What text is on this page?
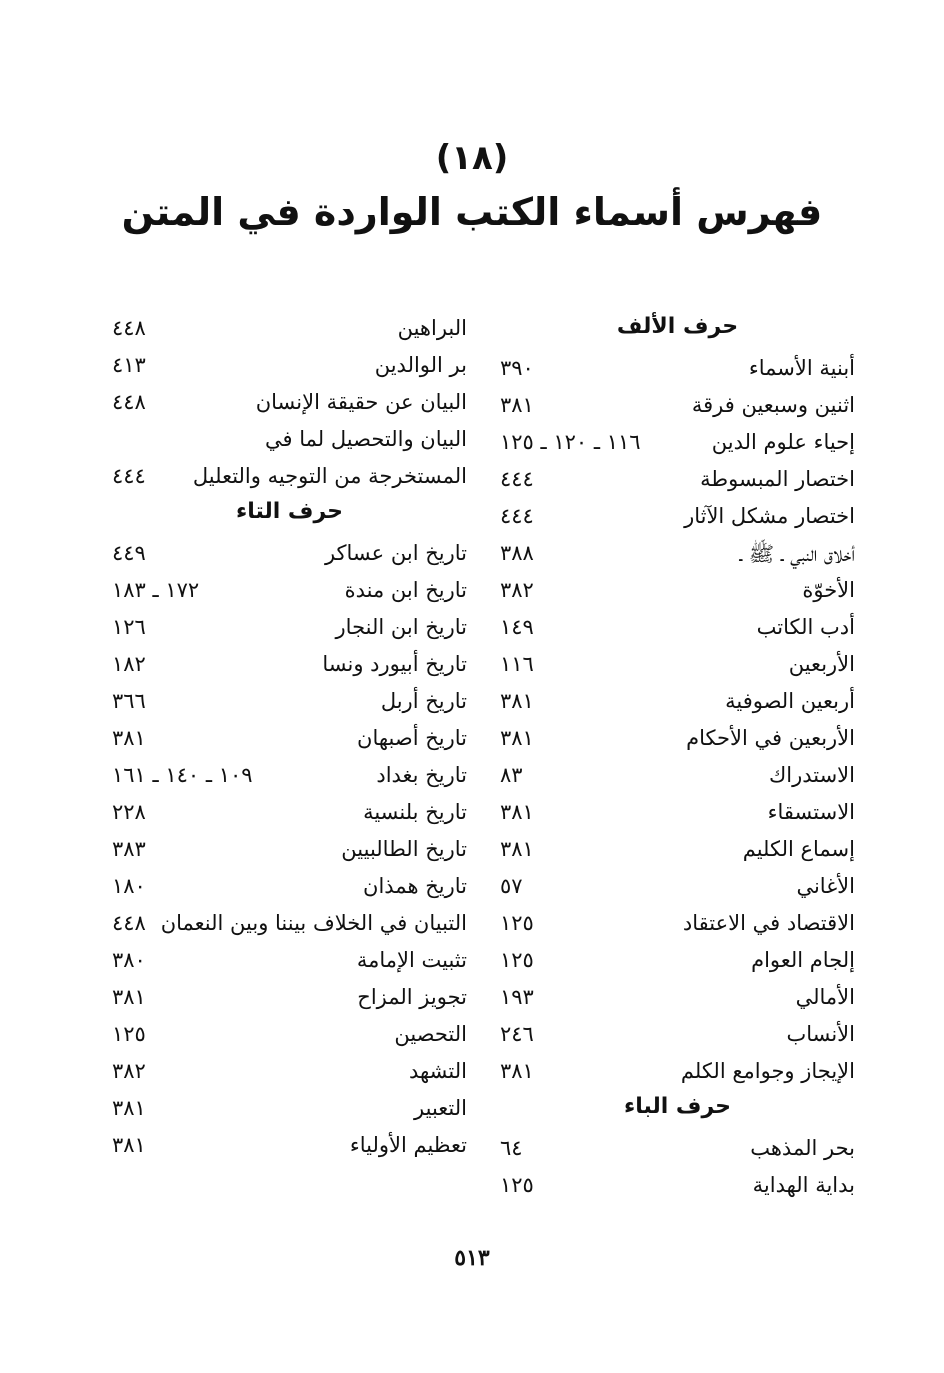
(١٨)
فهرس أسماء الكتب الواردة في المتن
حرف الألف
أبنية الأسماء
٣٩٠
اثنين وسبعين فرقة
٣٨١
إحياء علوم الدين
١١٦ ـ ١٢٠ ـ ١٢٥
اختصار المبسوطة
٤٤٤
اختصار مشكل الآثار
٤٤٤
أخلاق النبي ـ ﷺ ـ
٣٨٨
الأخوّة
٣٨٢
أدب الكاتب
١٤٩
الأربعين
١١٦
أربعين الصوفية
٣٨١
الأربعين في الأحكام
٣٨١
الاستدراك
٨٣
الاستسقاء
٣٨١
إسماع الكليم
٣٨١
الأغاني
٥٧
الاقتصاد في الاعتقاد
١٢٥
إلجام العوام
١٢٥
الأمالي
١٩٣
الأنساب
٢٤٦
الإيجاز وجوامع الكلم
٣٨١
حرف الباء
بحر المذهب
٦٤
بداية الهداية
١٢٥
البراهين
٤٤٨
بر الوالدين
٤١٣
البيان عن حقيقة الإنسان
٤٤٨
البيان والتحصيل لما في
المستخرجة من التوجيه والتعليل
٤٤٤
حرف التاء
تاريخ ابن عساكر
٤٤٩
تاريخ ابن مندة
١٧٢ ـ ١٨٣
تاريخ ابن النجار
١٢٦
تاريخ أبيورد ونسا
١٨٢
تاريخ أربل
٣٦٦
تاريخ أصبهان
٣٨١
تاريخ بغداد
١٠٩ ـ ١٤٠ ـ ١٦١
تاريخ بلنسية
٢٢٨
تاريخ الطالبيين
٣٨٣
تاريخ همذان
١٨٠
التبيان في الخلاف بيننا وبين النعمان
٤٤٨
تثبيت الإمامة
٣٨٠
تجويز المزاح
٣٨١
التحصين
١٢٥
التشهد
٣٨٢
التعبير
٣٨١
تعظيم الأولياء
٣٨١
٥١٣
